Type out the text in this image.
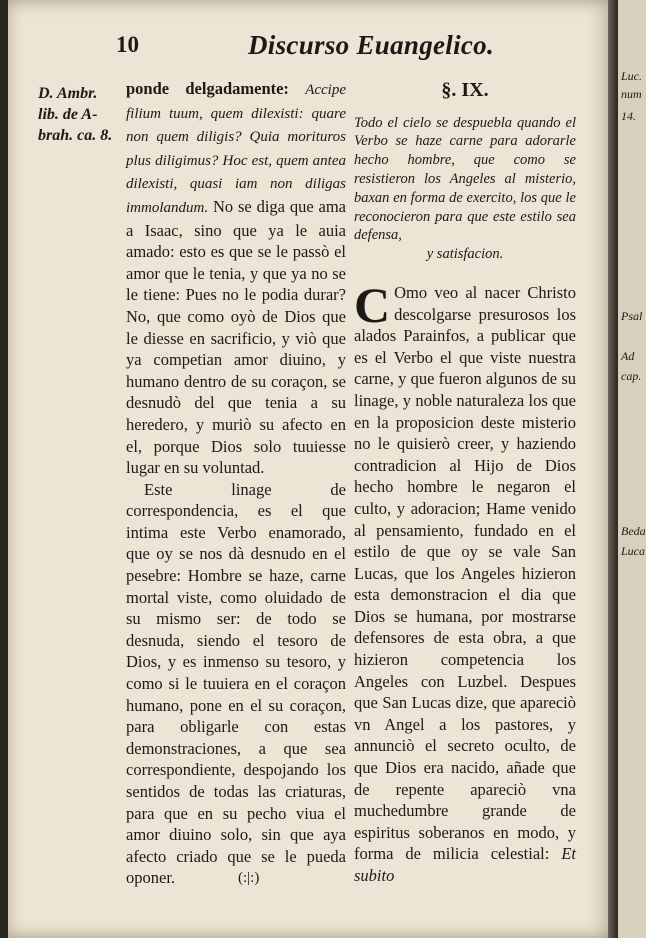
10	Discurso Euangelico.
D. Ambr.
lib. de A-
brah. ca. 8.

ponde delgadamente: Accipe filium tuum, quem dilexisti: quare non quem diligis? Quia morituros plus diligimus? Hoc est, quem antea dilexisti, quasi iam non diligas immolandum. No se diga que ama a Isaac, sino que ya le auia amado: esto es que se le passò el amor que le tenia, y que ya no se le tiene: Pues no le podia durar? No, que como oyò de Dios que le diesse en sacrificio, y viò que ya competian amor diuino, y humano dentro de su coraçon, se desnudò del que tenia a su heredero, y muriò su afecto en el, porque Dios solo tuuiesse lugar en su voluntad.

Este linage de correspondencia, es el que intima este Verbo enamorado, que oy se nos dà desnudo en el pesebre: Hombre se haze, carne mortal viste, como oluidado de su mismo ser: de todo se desnuda, siendo el tesoro de Dios, y es inmenso su tesoro, y como si le tuuiera en el coraçon humano, pone en el su coraçon, para obligarle con estas demonstraciones, a que sea correspondiente, despojando los sentidos de todas las criaturas, para que en su pecho viua el amor diuino solo, sin que aya afecto criado que se le pueda oponer.	(:|:)
§. IX.
Todo el cielo se despuebla quando el Verbo se haze carne para adorarle hecho hombre, que como se resistieron los Angeles al misterio, baxan en forma de exercito, los que le reconocieron para que este estilo sea defensa,
y satisfacion.

C Omo veo al nacer Christo descolgarse presurosos los alados Parainfos, a publicar que es el Verbo el que viste nuestra carne, y que fueron algunos de su linage, y noble naturaleza los que en la proposicion deste misterio no le quisierò creer, y haziendo contradicion al Hijo de Dios hecho hombre le negaron el culto, y adoracion; Hame venido al pensamiento, fundado en el estilo de que oy se vale San Lucas, que los Angeles hizieron esta demonstracion el dia que Dios se humana, por mostrarse defensores de esta obra, a que hizieron competencia los Angeles con Luzbel. Despues que San Lucas dize, que apareciò vn Angel a los pastores, y annunciò el secreto oculto, de que Dios era nacido, añade que de repente apareciò vna muchedumbre grande de espiritus soberanos en modo, y forma de milicia celestial: Et subito

Luc.
num
14.
Psal
Ad
cap.
Beda
Luca
